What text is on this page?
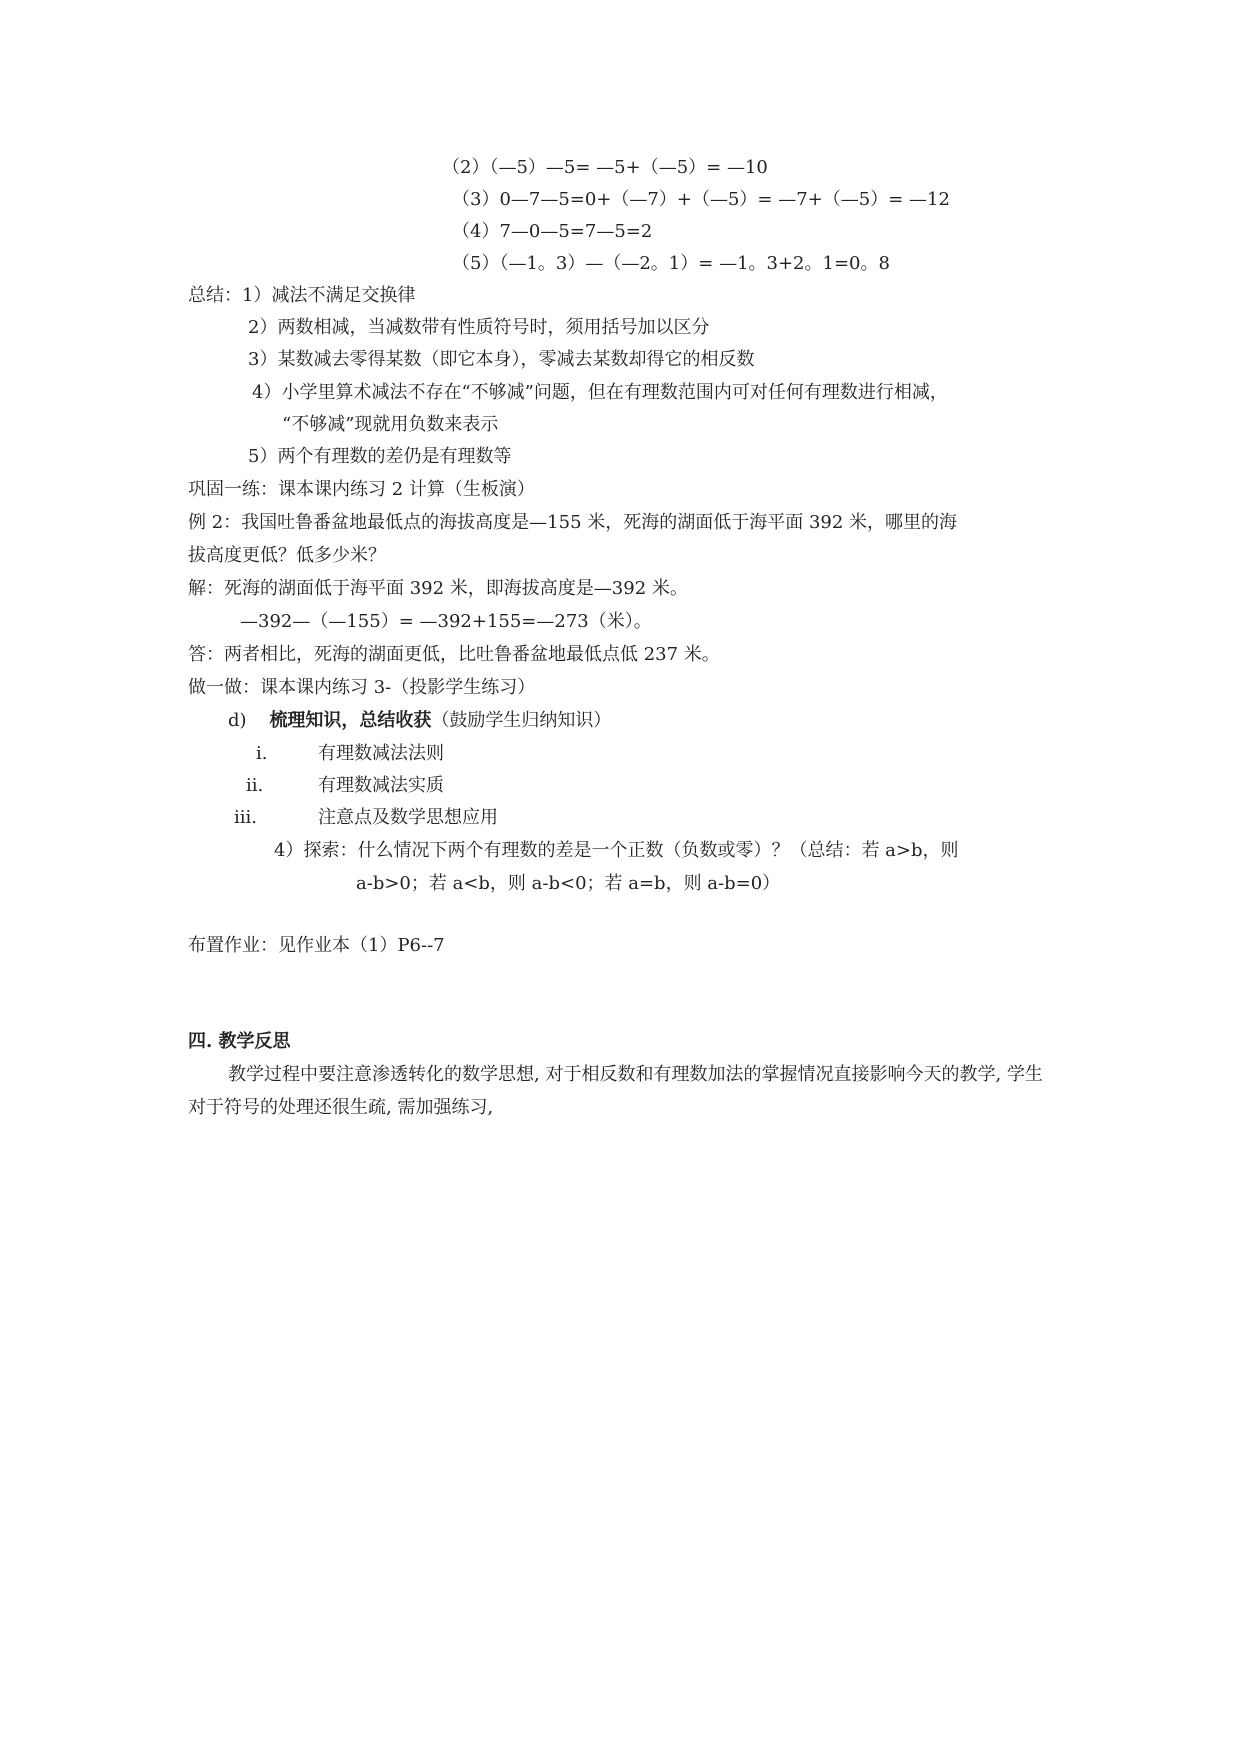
（2）（—5）—5= —5+（—5）= —10
（3）0—7—5=0+（—7）+（—5）= —7+（—5）= —12
（4）7—0—5=7—5=2
（5）（—1。3）—（—2。1）= —1。3+2。1=0。8
总结：1）减法不满足交换律
2）两数相减，当减数带有性质符号时，须用括号加以区分
3）某数减去零得某数（即它本身），零减去某数却得它的相反数
4）小学里算术减法不存在“不够减”问题，但在有理数范围内可对任何有理数进行相减，
“不够减”现就用负数来表示
5）两个有理数的差仍是有理数等
巩固一练：课本课内练习 2 计算（生板演）
例 2：我国吐鲁番盆地最低点的海拔高度是—155 米，死海的湖面低于海平面 392 米，哪里的海
拔高度更低？低多少米？
解：死海的湖面低于海平面 392 米，即海拔高度是—392 米。
—392—（—155）= —392+155=—273（米）。
答：两者相比，死海的湖面更低，比吐鲁番盆地最低点低 237 米。
做一做：课本课内练习 3-（投影学生练习）
d) 梳理知识，总结收获（鼓励学生归纳知识）
i.	有理数减法法则
ii.	有理数减法实质
iii.	注意点及数学思想应用
4）探索：什么情况下两个有理数的差是一个正数（负数或零）？（总结：若 a>b，则
a-b>0；若 a<b，则 a-b<0；若 a=b，则 a-b=0）
布置作业：见作业本（1）P6--7
四. 教学反思
教学过程中要注意渗透转化的数学思想, 对于相反数和有理数加法的掌握情况直接影响今天的教学, 学生对于符号的处理还很生疏, 需加强练习,
